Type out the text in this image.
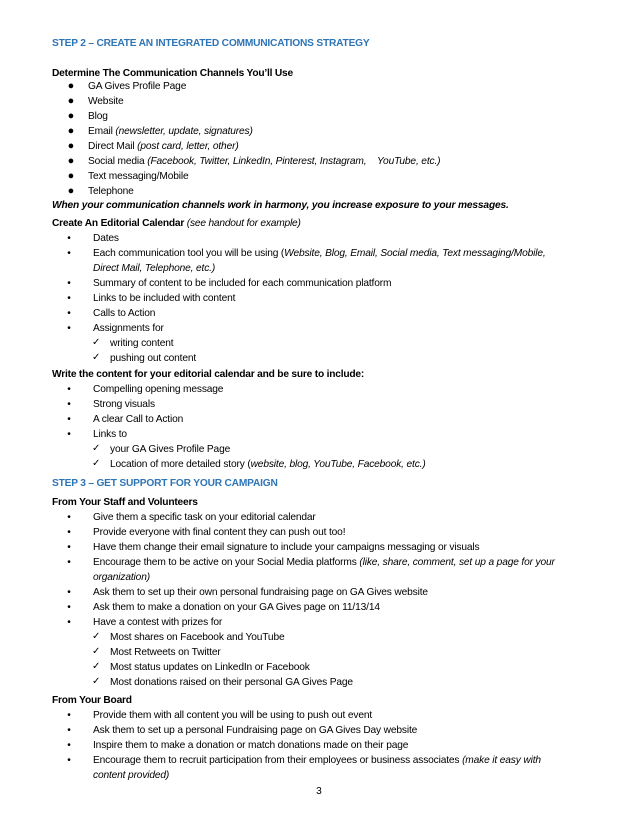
STEP 2 – CREATE AN INTEGRATED COMMUNICATIONS STRATEGY
Determine The Communication Channels You’ll Use
● GA Gives Profile Page
● Website
● Blog
● Email (newsletter, update, signatures)
● Direct Mail (post card, letter, other)
● Social media (Facebook, Twitter, LinkedIn, Pinterest, Instagram,    YouTube, etc.)
● Text messaging/Mobile
● Telephone
When your communication channels work in harmony, you increase exposure to your messages.
Create An Editorial Calendar (see handout for example)
•	Dates
•	Each communication tool you will be using (Website, Blog, Email, Social media, Text messaging/Mobile,
Direct Mail, Telephone, etc.)
•	Summary of content to be included for each communication platform
•	Links to be included with content
•	Calls to Action
•	Assignments for
✓ writing content
✓ pushing out content
Write the content for your editorial calendar and be sure to include:
•	Compelling opening message
•	Strong visuals
•	A clear Call to Action
•	Links to
✓ your GA Gives Profile Page
✓ Location of more detailed story (website, blog, YouTube, Facebook, etc.)
STEP 3 – GET SUPPORT FOR YOUR CAMPAIGN
From Your Staff and Volunteers
•	Give them a specific task on your editorial calendar
•	Provide everyone with final content they can push out too!
•	Have them change their email signature to include your campaigns messaging or visuals
•	Encourage them to be active on your Social Media platforms (like, share, comment, set up a page for your
organization)
•	Ask them to set up their own personal fundraising page on GA Gives website
•	Ask them to make a donation on your GA Gives page on 11/13/14
•	Have a contest with prizes for
✓ Most shares on Facebook and YouTube
✓ Most Retweets on Twitter
✓ Most status updates on LinkedIn or Facebook
✓ Most donations raised on their personal GA Gives Page
From Your Board
•	Provide them with all content you will be using to push out event
•	Ask them to set up a personal Fundraising page on GA Gives Day website
•	Inspire them to make a donation or match donations made on their page
•	Encourage them to recruit participation from their employees or business associates (make it easy with
content provided)
3
